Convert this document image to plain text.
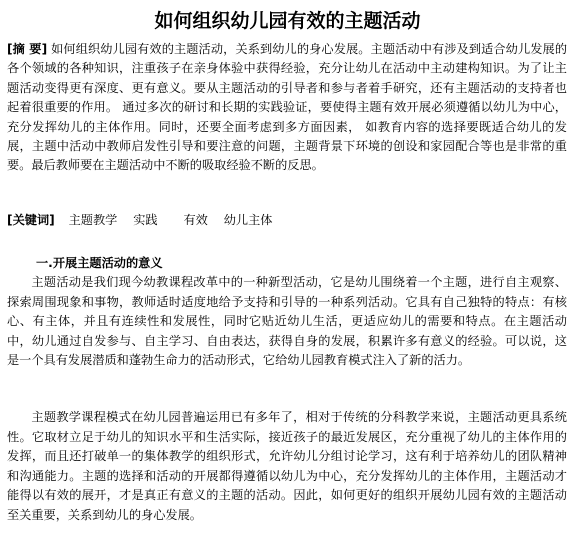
如何组织幼儿园有效的主题活动
[摘 要] 如何组织幼儿园有效的主题活动，关系到幼儿的身心发展。主题活动中有涉及到适合幼儿发展的各个领域的各种知识，注重孩子在亲身体验中获得经验，充分让幼儿在活动中主动建构知识。为了让主题活动变得更有深度、更有意义。要从主题活动的引导者和参与者着手研究，还有主题活动的支持者也起着很重要的作用。 通过多次的研讨和长期的实践验证，要使得主题有效开展必须遵循以幼儿为中心，充分发挥幼儿的主体作用。同时，还要全面考虑到多方面因素， 如教育内容的选择要既适合幼儿的发展，主题中活动中教师启发性引导和要注意的问题，主题背景下环境的创设和家园配合等也是非常的重要。最后教师要在主题活动中不断的吸取经验不断的反思。
[关键词] 主题教学 实践 有效 幼儿主体
一.开展主题活动的意义
主题活动是我们现今幼教课程改革中的一种新型活动，它是幼儿围绕着一个主题，进行自主观察、探索周围现象和事物，教师适时适度地给予支持和引导的一种系列活动。它具有自己独特的特点：有核心、有主体，并且有连续性和发展性，同时它贴近幼儿生活，更适应幼儿的需要和特点。在主题活动中，幼儿通过自发参与、自主学习、自由表达，获得自身的发展，积累许多有意义的经验。可以说，这是一个具有发展潜质和蓬勃生命力的活动形式，它给幼儿园教育模式注入了新的活力。
主题教学课程模式在幼儿园普遍运用已有多年了，相对于传统的分科教学来说，主题活动更具系统性。它取材立足于幼儿的知识水平和生活实际，接近孩子的最近发展区，充分重视了幼儿的主体作用的发挥，而且还打破单一的集体教学的组织形式，允许幼儿分组讨论学习，这有利于培养幼儿的团队精神和沟通能力。主题的选择和活动的开展都得遵循以幼儿为中心，充分发挥幼儿的主体作用，主题活动才能得以有效的展开，才是真正有意义的主题的活动。因此，如何更好的组织开展幼儿园有效的主题活动至关重要，关系到幼儿的身心发展。
